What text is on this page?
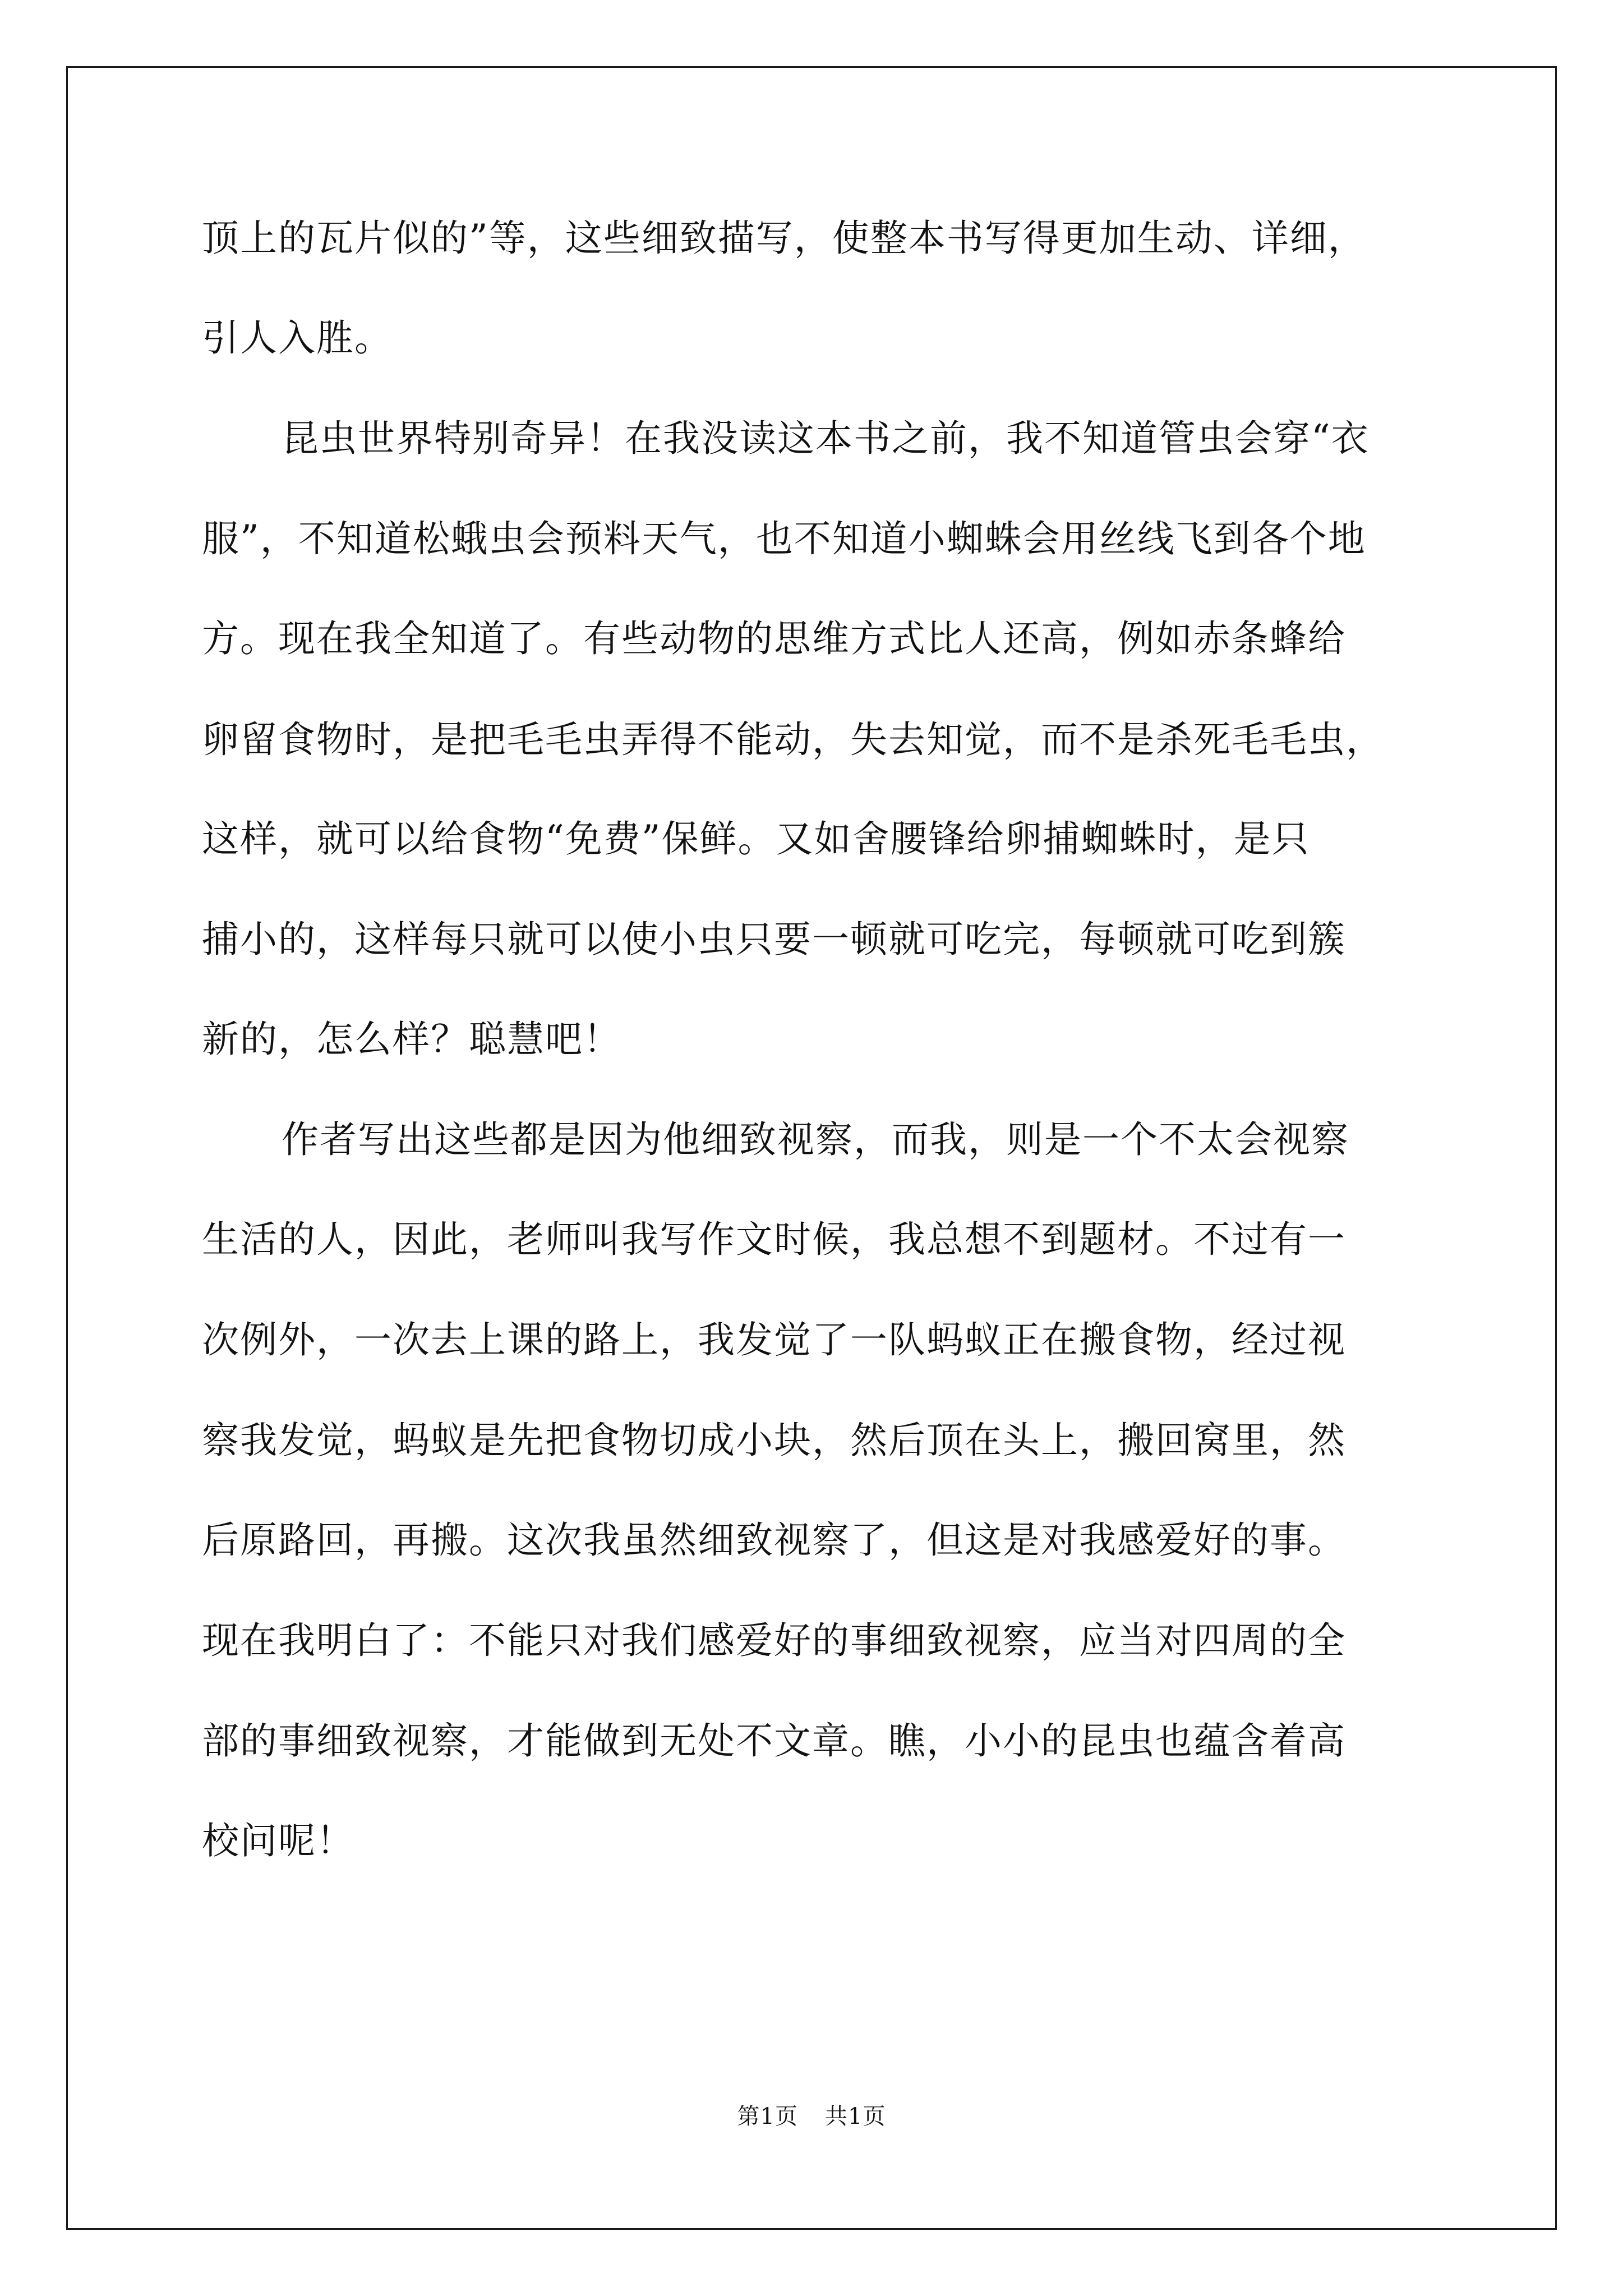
顶上的瓦片似的”等，这些细致描写，使整本书写得更加生动、详细，
引人入胜。
昆虫世界特别奇异！在我没读这本书之前，我不知道管虫会穿“衣
服”，不知道松蛾虫会预料天气，也不知道小蜘蛛会用丝线飞到各个地
方。现在我全知道了。有些动物的思维方式比人还高，例如赤条蜂给
卵留食物时，是把毛毛虫弄得不能动，失去知觉，而不是杀死毛毛虫，
这样，就可以给食物“免费”保鲜。又如舍腰锋给卵捕蜘蛛时，是只
捕小的，这样每只就可以使小虫只要一顿就可吃完，每顿就可吃到簇
新的，怎么样？聪慧吧！
作者写出这些都是因为他细致视察，而我，则是一个不太会视察
生活的人，因此，老师叫我写作文时候，我总想不到题材。不过有一
次例外，一次去上课的路上，我发觉了一队蚂蚁正在搬食物，经过视
察我发觉，蚂蚁是先把食物切成小块，然后顶在头上，搬回窝里，然
后原路回，再搬。这次我虽然细致视察了，但这是对我感爱好的事。
现在我明白了：不能只对我们感爱好的事细致视察，应当对四周的全
部的事细致视察，才能做到无处不文章。瞧，小小的昆虫也蕴含着高
校问呢！
第1页 共1页
